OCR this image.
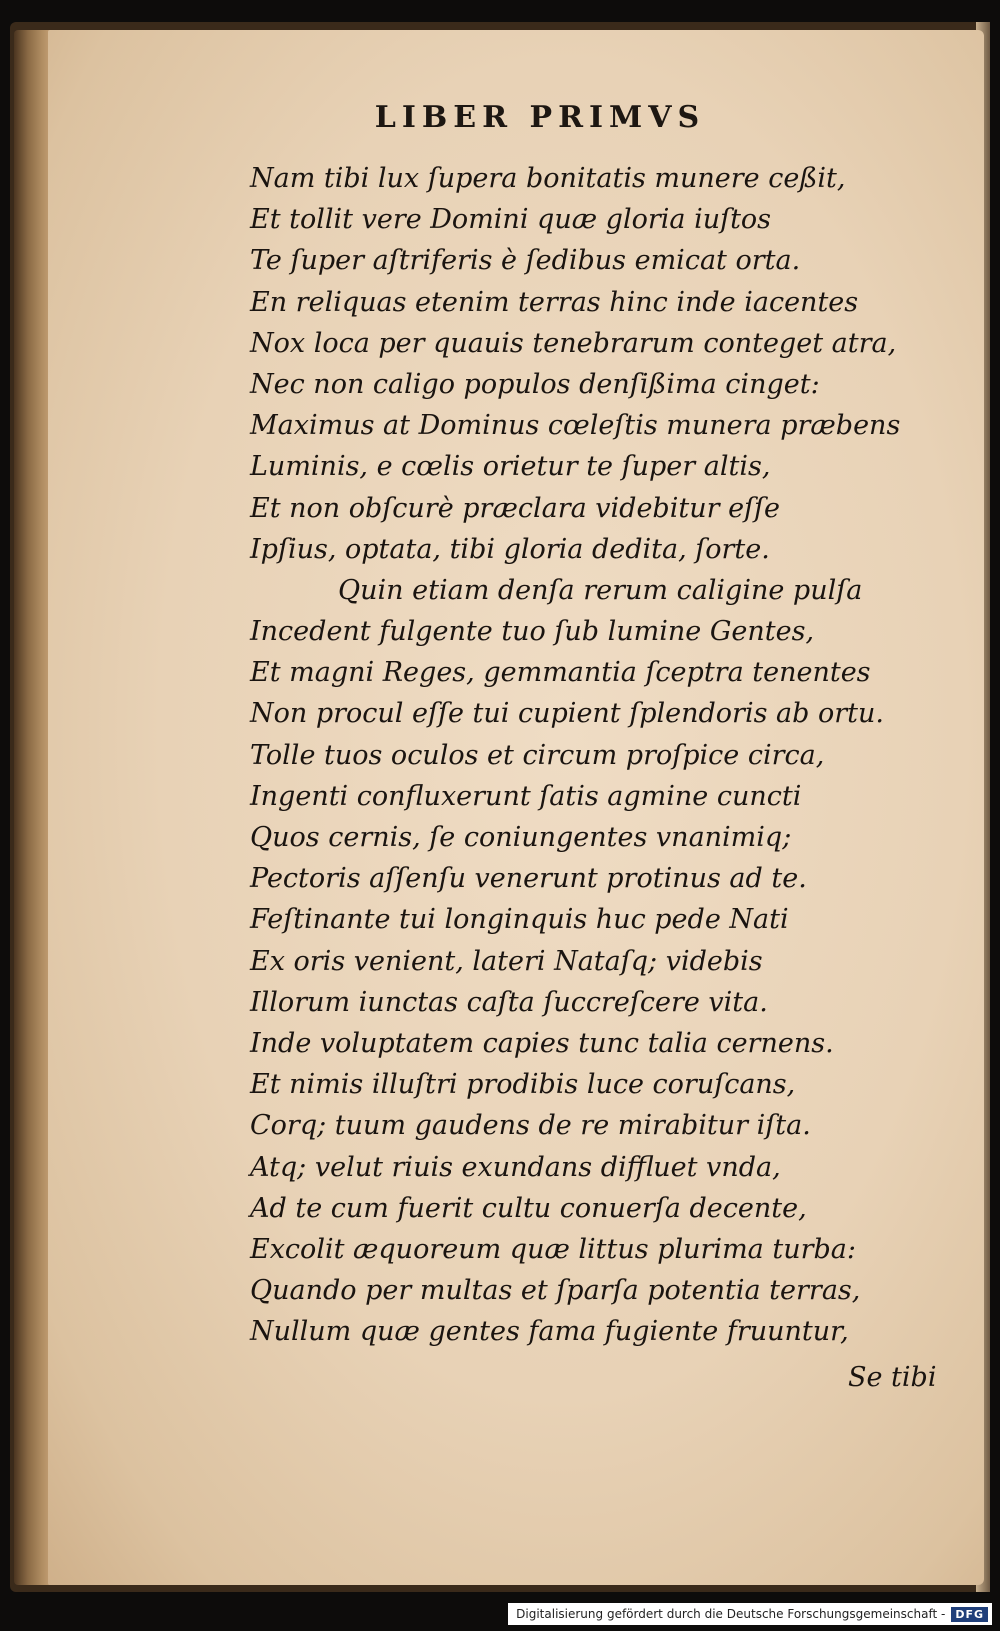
LIBER PRIMVS
Nam tibi lux ſupera bonitatis munere ceßit,
Et tollit vere Domini quæ gloria iuſtos
Te ſuper aſtriferis è ſedibus emicat orta.
En reliquas etenim terras hinc inde iacentes
Nox loca per quauis tenebrarum conteget atra,
Nec non caligo populos denſißima cinget:
Maximus at Dominus cœleſtis munera præbens
Luminis, e cœlis orietur te ſuper altis,
Et non obſcurè præclara videbitur eſſe
Ipſius, optata, tibi gloria dedita, ſorte.
Quin etiam denſa rerum caligine pulſa
Incedent fulgente tuo ſub lumine Gentes,
Et magni Reges, gemmantia ſceptra tenentes
Non procul eſſe tui cupient ſplendoris ab ortu.
Tolle tuos oculos et circum proſpice circa,
Ingenti confluxerunt ſatis agmine cuncti
Quos cernis, ſe coniungentes vnanimiq;
Pectoris aſſenſu venerunt protinus ad te.
Feſtinante tui longinquis huc pede Nati
Ex oris venient, lateri Nataſq; videbis
Illorum iunctas caſta ſuccreſcere vita.
Inde voluptatem capies tunc talia cernens.
Et nimis illuſtri prodibis luce coruſcans,
Corq; tuum gaudens de re mirabitur iſta.
Atq; velut riuis exundans diffluet vnda,
Ad te cum fuerit cultu conuerſa decente,
Excolit æquoreum quæ littus plurima turba:
Quando per multas et ſparſa potentia terras,
Nullum quæ gentes fama fugiente fruuntur,
Se tibi
Digitalisierung gefördert durch die Deutsche Forschungsgemeinschaft - DFG
